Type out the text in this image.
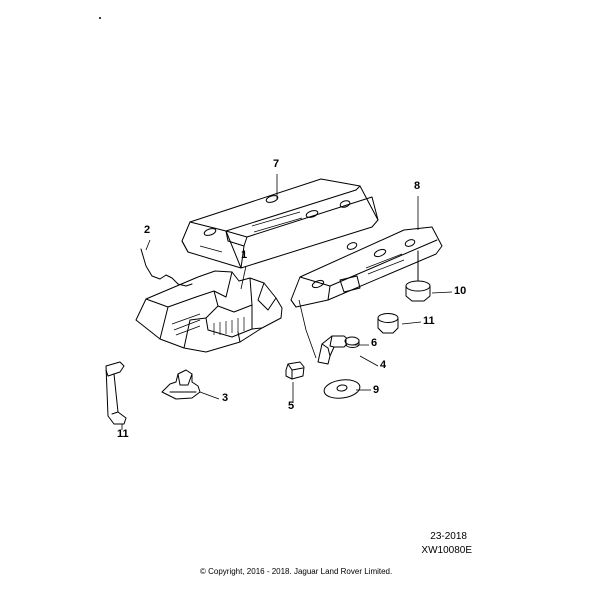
1
2
3
4
5
6
7
8
9
10
11
11
23-2018
XW10080E
© Copyright, 2016 - 2018. Jaguar Land Rover Limited.
